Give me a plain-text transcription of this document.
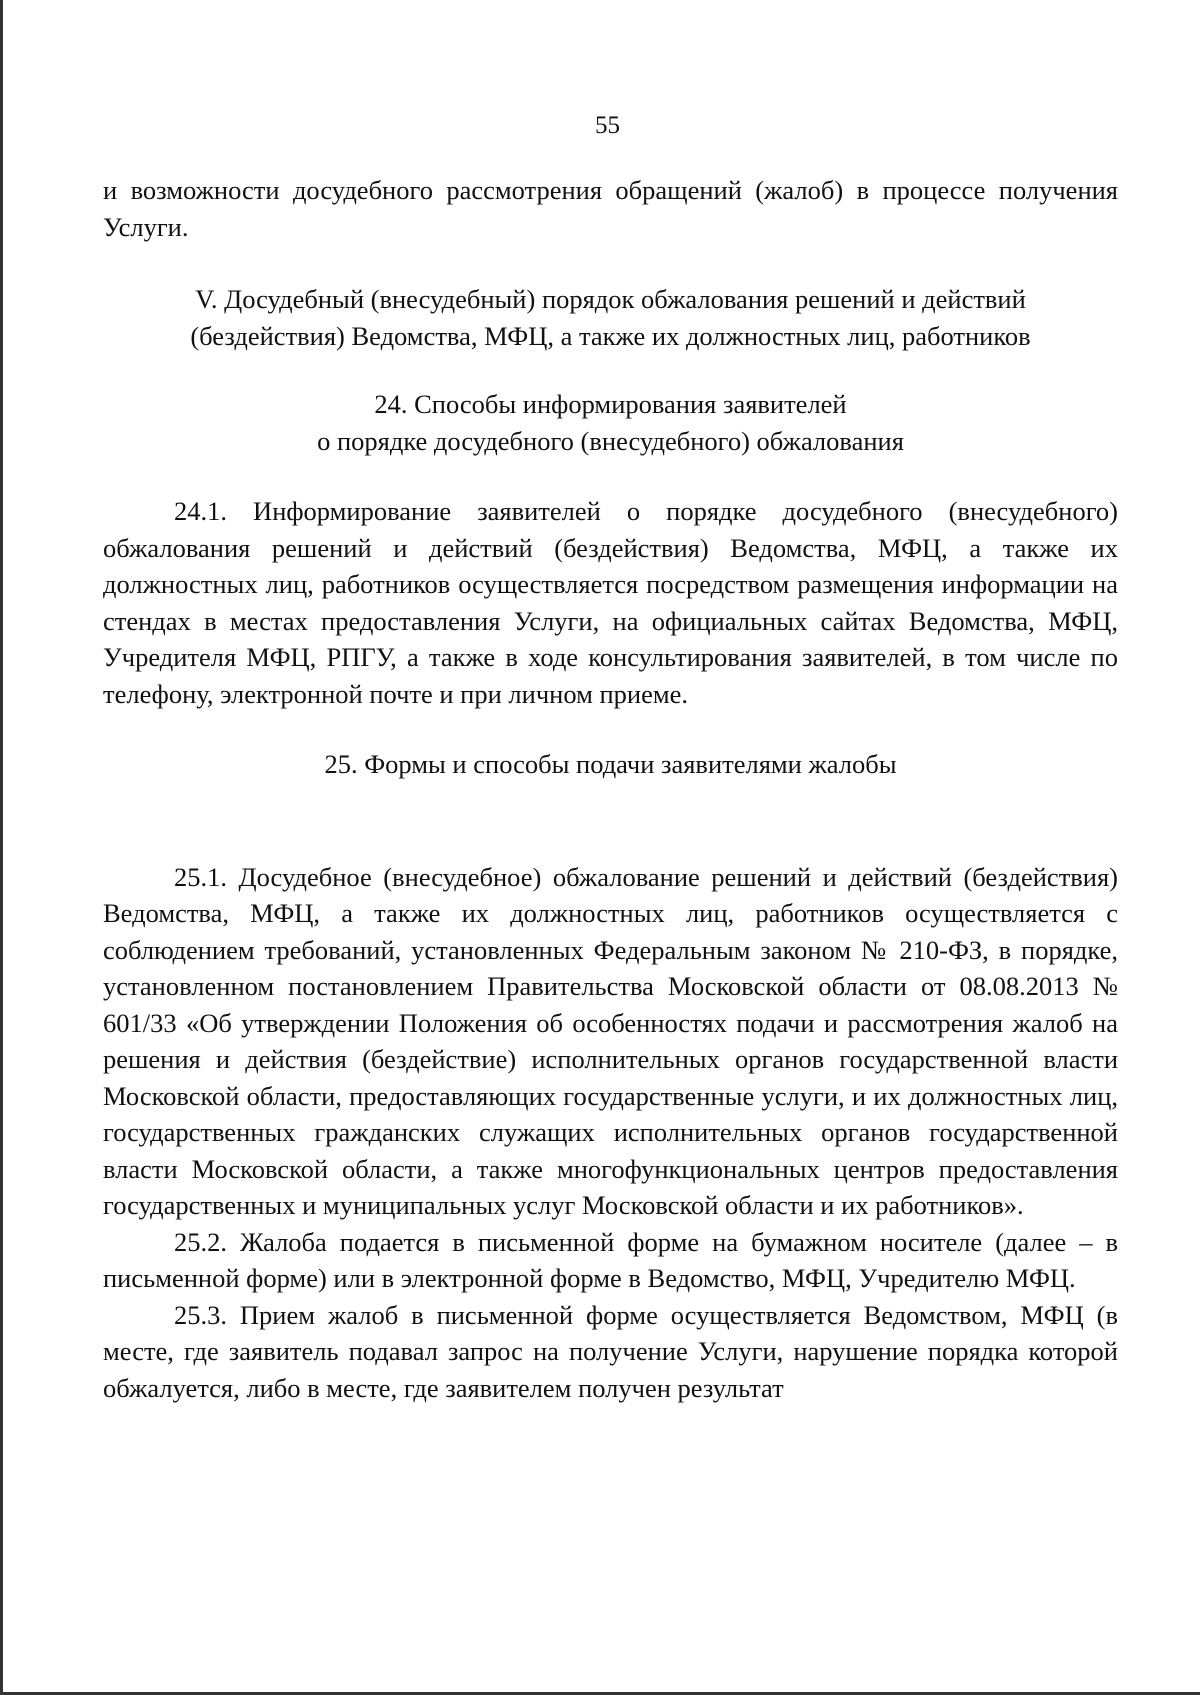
55

и возможности досудебного рассмотрения обращений (жалоб) в процессе получения Услуги.

V. Досудебный (внесудебный) порядок обжалования решений и действий
(бездействия) Ведомства, МФЦ, а также их должностных лиц, работников
24. Способы информирования заявителей
о порядке досудебного (внесудебного) обжалования

24.1. Информирование заявителей о порядке досудебного (внесудебного) обжалования решений и действий (бездействия) Ведомства, МФЦ, а также их должностных лиц, работников осуществляется посредством размещения информации на стендах в местах предоставления Услуги, на официальных сайтах Ведомства, МФЦ, Учредителя МФЦ, РПГУ, а также в ходе консультирования заявителей, в том числе по телефону, электронной почте и при личном приеме.

25. Формы и способы подачи заявителями жалобы

25.1. Досудебное (внесудебное) обжалование решений и действий (бездействия) Ведомства, МФЦ, а также их должностных лиц, работников осуществляется с соблюдением требований, установленных Федеральным законом № 210-ФЗ, в порядке, установленном постановлением Правительства Московской области от 08.08.2013 № 601/33 «Об утверждении Положения об особенностях подачи и рассмотрения жалоб на решения и действия (бездействие) исполнительных органов государственной власти Московской области, предоставляющих государственные услуги, и их должностных лиц, государственных гражданских служащих исполнительных органов государственной власти Московской области, а также многофункциональных центров предоставления государственных и муниципальных услуг Московской области и их работников».

25.2. Жалоба подается в письменной форме на бумажном носителе (далее – в письменной форме) или в электронной форме в Ведомство, МФЦ, Учредителю МФЦ.

25.3. Прием жалоб в письменной форме осуществляется Ведомством, МФЦ (в месте, где заявитель подавал запрос на получение Услуги, нарушение порядка которой обжалуется, либо в месте, где заявителем получен результат
